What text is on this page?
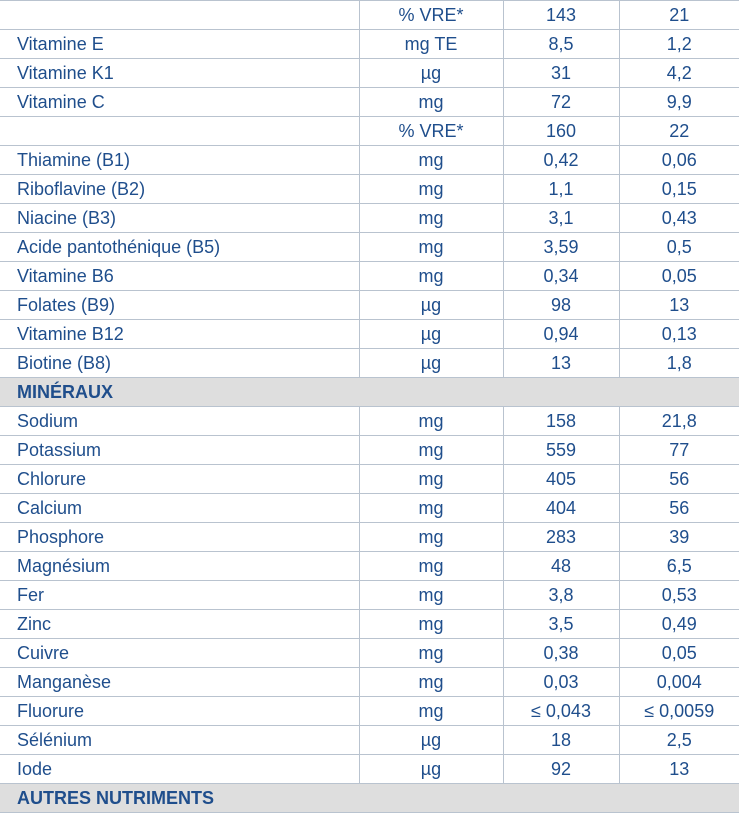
	% VRE*	143	21
Vitamine E	mg TE	8,5	1,2
Vitamine K1	µg	31	4,2
Vitamine C	mg	72	9,9
	% VRE*	160	22
Thiamine (B1)	mg	0,42	0,06
Riboflavine (B2)	mg	1,1	0,15
Niacine (B3)	mg	3,1	0,43
Acide pantothénique (B5)	mg	3,59	0,5
Vitamine B6	mg	0,34	0,05
Folates (B9)	µg	98	13
Vitamine B12	µg	0,94	0,13
Biotine (B8)	µg	13	1,8
MINÉRAUX			
Sodium	mg	158	21,8
Potassium	mg	559	77
Chlorure	mg	405	56
Calcium	mg	404	56
Phosphore	mg	283	39
Magnésium	mg	48	6,5
Fer	mg	3,8	0,53
Zinc	mg	3,5	0,49
Cuivre	mg	0,38	0,05
Manganèse	mg	0,03	0,004
Fluorure	mg	≤ 0,043	≤ 0,0059
Sélénium	µg	18	2,5
Iode	µg	92	13
AUTRES NUTRIMENTS			
